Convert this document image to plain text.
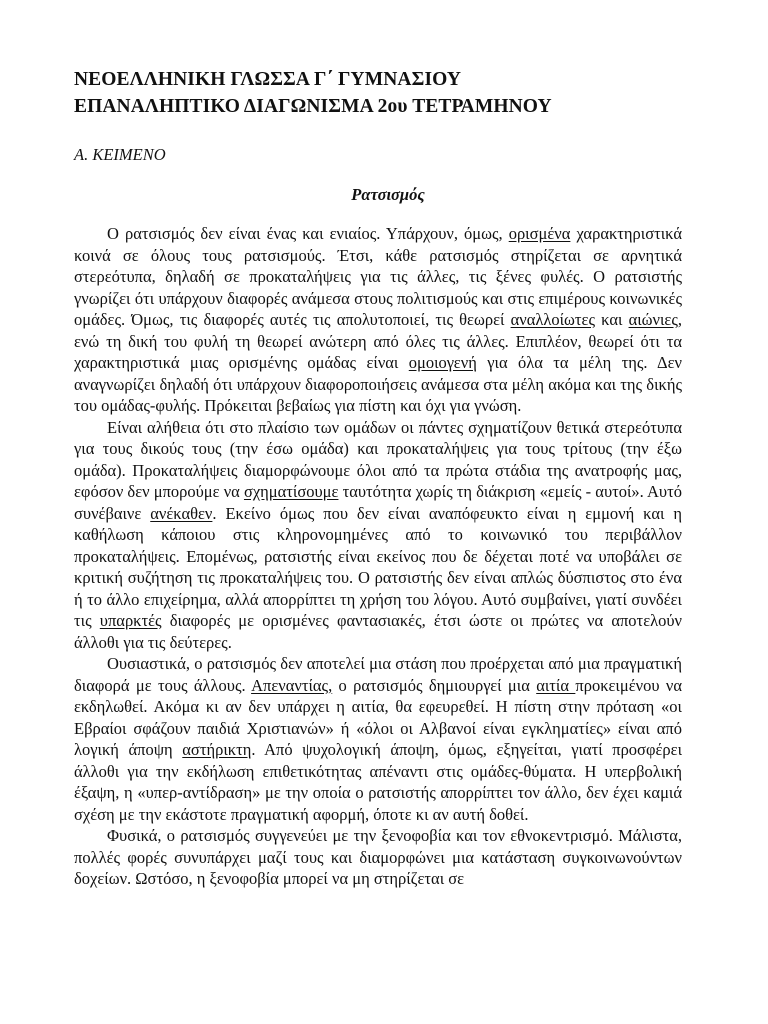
ΝΕΟΕΛΛΗΝΙΚΗ ΓΛΩΣΣΑ Γ΄ ΓΥΜΝΑΣΙΟΥ
ΕΠΑΝΑΛΗΠΤΙΚΟ ΔΙΑΓΩΝΙΣΜΑ 2ου ΤΕΤΡΑΜΗΝΟΥ
Α. ΚΕΙΜΕΝΟ
Ρατσισμός

Ο ρατσισμός δεν είναι ένας και ενιαίος. Υπάρχουν, όμως, ορισμένα χαρακτηριστικά κοινά σε όλους τους ρατσισμούς. Έτσι, κάθε ρατσισμός στηρίζεται σε αρνητικά στερεότυπα, δηλαδή σε προκαταλήψεις για τις άλλες, τις ξένες φυλές. Ο ρατσιστής γνωρίζει ότι υπάρχουν διαφορές ανάμεσα στους πολιτισμούς και στις επιμέρους κοινωνικές ομάδες. Όμως, τις διαφορές αυτές τις απολυτοποιεί, τις θεωρεί αναλλοίωτες και αιώνιες, ενώ τη δική του φυλή τη θεωρεί ανώτερη από όλες τις άλλες. Επιπλέον, θεωρεί ότι τα χαρακτηριστικά μιας ορισμένης ομάδας είναι ομοιογενή για όλα τα μέλη της. Δεν αναγνωρίζει δηλαδή ότι υπάρχουν διαφοροποιήσεις ανάμεσα στα μέλη ακόμα και της δικής του ομάδας-φυλής. Πρόκειται βεβαίως για πίστη και όχι για γνώση.

Είναι αλήθεια ότι στο πλαίσιο των ομάδων οι πάντες σχηματίζουν θετικά στερεότυπα για τους δικούς τους (την έσω ομάδα) και προκαταλήψεις για τους τρίτους (την έξω ομάδα). Προκαταλήψεις διαμορφώνουμε όλοι από τα πρώτα στάδια της ανατροφής μας, εφόσον δεν μπορούμε να σχηματίσουμε ταυτότητα χωρίς τη διάκριση «εμείς - αυτοί». Αυτό συνέβαινε ανέκαθεν. Εκείνο όμως που δεν είναι αναπόφευκτο είναι η εμμονή και η καθήλωση κάποιου στις κληρονομημένες από το κοινωνικό του περιβάλλον προκαταλήψεις. Επομένως, ρατσιστής είναι εκείνος που δε δέχεται ποτέ να υποβάλει σε κριτική συζήτηση τις προκαταλήψεις του. Ο ρατσιστής δεν είναι απλώς δύσπιστος στο ένα ή το άλλο επιχείρημα, αλλά απορρίπτει τη χρήση του λόγου. Αυτό συμβαίνει, γιατί συνδέει τις υπαρκτές διαφορές με ορισμένες φαντασιακές, έτσι ώστε οι πρώτες να αποτελούν άλλοθι για τις δεύτερες.

Ουσιαστικά, ο ρατσισμός δεν αποτελεί μια στάση που προέρχεται από μια πραγματική διαφορά με τους άλλους. Απεναντίας, ο ρατσισμός δημιουργεί μια αιτία προκειμένου να εκδηλωθεί. Ακόμα κι αν δεν υπάρχει η αιτία, θα εφευρεθεί. Η πίστη στην πρόταση «οι Εβραίοι σφάζουν παιδιά Χριστιανών» ή «όλοι οι Αλβανοί είναι εγκληματίες» είναι από λογική άποψη αστήρικτη. Από ψυχολογική άποψη, όμως, εξηγείται, γιατί προσφέρει άλλοθι για την εκδήλωση επιθετικότητας απέναντι στις ομάδες-θύματα. Η υπερβολική έξαψη, η «υπερ-αντίδραση» με την οποία ο ρατσιστής απορρίπτει τον άλλο, δεν έχει καμιά σχέση με την εκάστοτε πραγματική αφορμή, όποτε κι αν αυτή δοθεί.

Φυσικά, ο ρατσισμός συγγενεύει με την ξενοφοβία και τον εθνοκεντρισμό. Μάλιστα, πολλές φορές συνυπάρχει μαζί τους και διαμορφώνει μια κατάσταση συγκοινωνούντων δοχείων. Ωστόσο, η ξενοφοβία μπορεί να μη στηρίζεται σε
